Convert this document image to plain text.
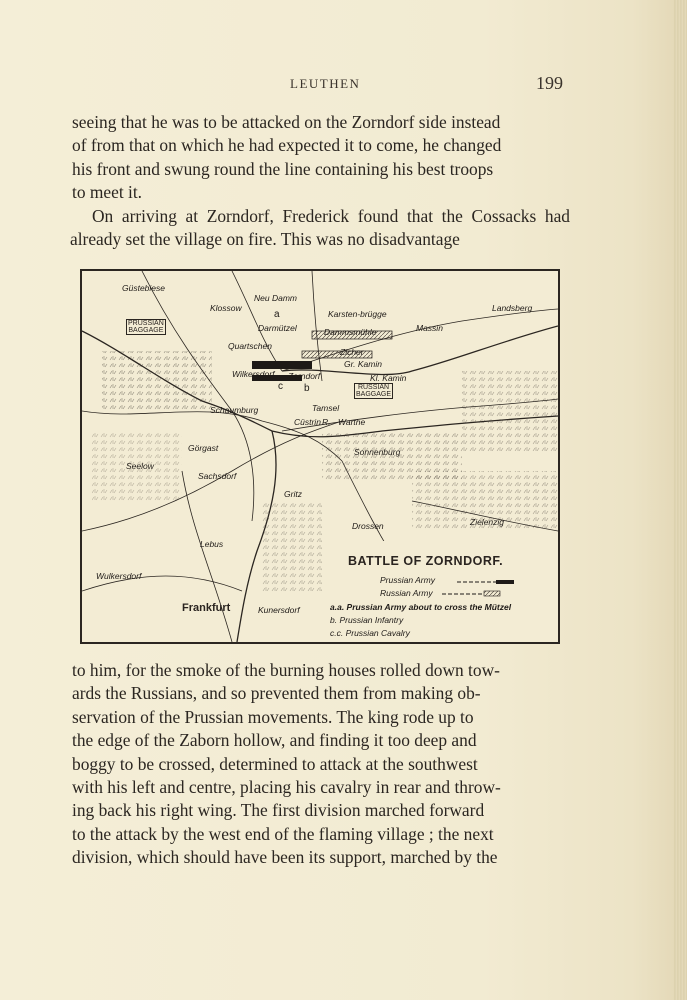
LEUTHEN	199

seeing that he was to be attacked on the Zorndorf side instead

of from that on which he had expected it to come, he changed

his front and swung round the line containing his best troops

to meet it.

On arriving at Zorndorf, Frederick found that the Cossacks had already set the village on fire. This was no disadvantage

PRUSSIAN
BAGGAGE
RUSSIAN
BAGGAGE
Güstebiese
Klossow
Neu Damm
Landsberg
Darmützel
Karsten-brügge
Massin
Dammsmühle
Zicher
Quartschen
Zorndorf
Gr. Kamin
Kl. Kamin
Wilkersdorf
Tamsel
Schaumburg
Cüstrin Warthe
R.
Görgast	Sonnenburg
Seelow
Sachsdorf
Gritz
Drossen	Zielenzig
Lebus
Wulkersdorf
Kunersdorf
a
b
c
Frankfurt
BATTLE OF ZORNDORF.
Prussian Army
Russian Army
a.a. Prussian Army about to cross the Mützel
b. Prussian Infantry
c.c. Prussian Cavalry

to him, for the smoke of the burning houses rolled down tow-

ards the Russians, and so prevented them from making ob-

servation of the Prussian movements. The king rode up to

the edge of the Zaborn hollow, and finding it too deep and

boggy to be crossed, determined to attack at the southwest

with his left and centre, placing his cavalry in rear and throw-

ing back his right wing. The first division marched forward

to the attack by the west end of the flaming village ; the next

division, which should have been its support, marched by the
